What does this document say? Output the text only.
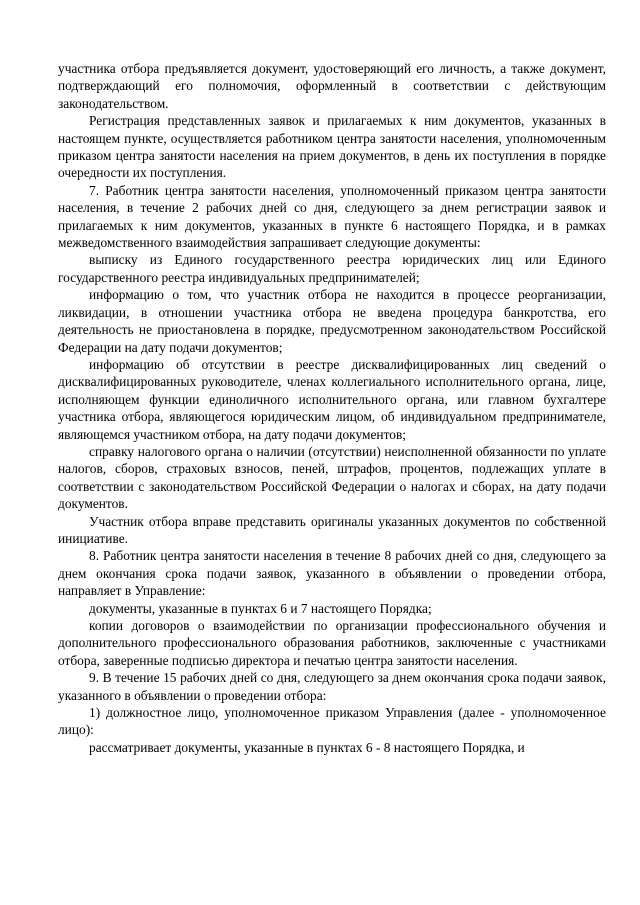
участника отбора предъявляется документ, удостоверяющий его личность, а также документ, подтверждающий его полномочия, оформленный в соответствии с действующим законодательством.

Регистрация представленных заявок и прилагаемых к ним документов, указанных в настоящем пункте, осуществляется работником центра занятости населения, уполномоченным приказом центра занятости населения на прием документов, в день их поступления в порядке очередности их поступления.

7. Работник центра занятости населения, уполномоченный приказом центра занятости населения, в течение 2 рабочих дней со дня, следующего за днем регистрации заявок и прилагаемых к ним документов, указанных в пункте 6 настоящего Порядка, и в рамках межведомственного взаимодействия запрашивает следующие документы:

выписку из Единого государственного реестра юридических лиц или Единого государственного реестра индивидуальных предпринимателей;

информацию о том, что участник отбора не находится в процессе реорганизации, ликвидации, в отношении участника отбора не введена процедура банкротства, его деятельность не приостановлена в порядке, предусмотренном законодательством Российской Федерации на дату подачи документов;

информацию об отсутствии в реестре дисквалифицированных лиц сведений о дисквалифицированных руководителе, членах коллегиального исполнительного органа, лице, исполняющем функции единоличного исполнительного органа, или главном бухгалтере участника отбора, являющегося юридическим лицом, об индивидуальном предпринимателе, являющемся участником отбора, на дату подачи документов;

справку налогового органа о наличии (отсутствии) неисполненной обязанности по уплате налогов, сборов, страховых взносов, пеней, штрафов, процентов, подлежащих уплате в соответствии с законодательством Российской Федерации о налогах и сборах, на дату подачи документов.

Участник отбора вправе представить оригиналы указанных документов по собственной инициативе.

8. Работник центра занятости населения в течение 8 рабочих дней со дня, следующего за днем окончания срока подачи заявок, указанного в объявлении о проведении отбора, направляет в Управление:

документы, указанные в пунктах 6 и 7 настоящего Порядка;

копии договоров о взаимодействии по организации профессионального обучения и дополнительного профессионального образования работников, заключенные с участниками отбора, заверенные подписью директора и печатью центра занятости населения.

9. В течение 15 рабочих дней со дня, следующего за днем окончания срока подачи заявок, указанного в объявлении о проведении отбора:

1) должностное лицо, уполномоченное приказом Управления (далее - уполномоченное лицо):

рассматривает документы, указанные в пунктах 6 - 8 настоящего Порядка, и
